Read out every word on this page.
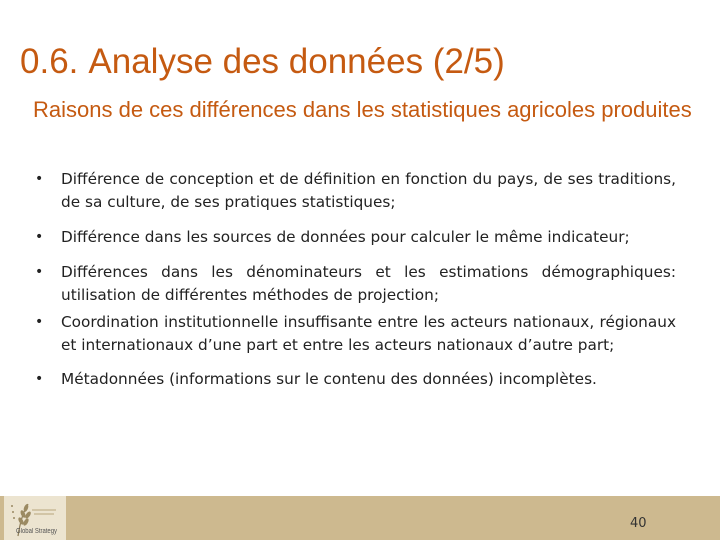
0.6. Analyse des données (2/5)
Raisons de ces différences dans les statistiques agricoles produites
• Différence de conception et de définition en fonction du pays, de ses traditions, de sa culture, de ses pratiques statistiques;
• Différence dans les sources de données pour calculer le même indicateur;
• Différences dans les dénominateurs et les estimations démographiques: utilisation de différentes méthodes de projection;
• Coordination institutionnelle insuffisante entre les acteurs nationaux, régionaux et internationaux d’une part et entre les acteurs nationaux d’autre part;
• Métadonnées (informations sur le contenu des données) incomplètes.
Global Strategy
40
